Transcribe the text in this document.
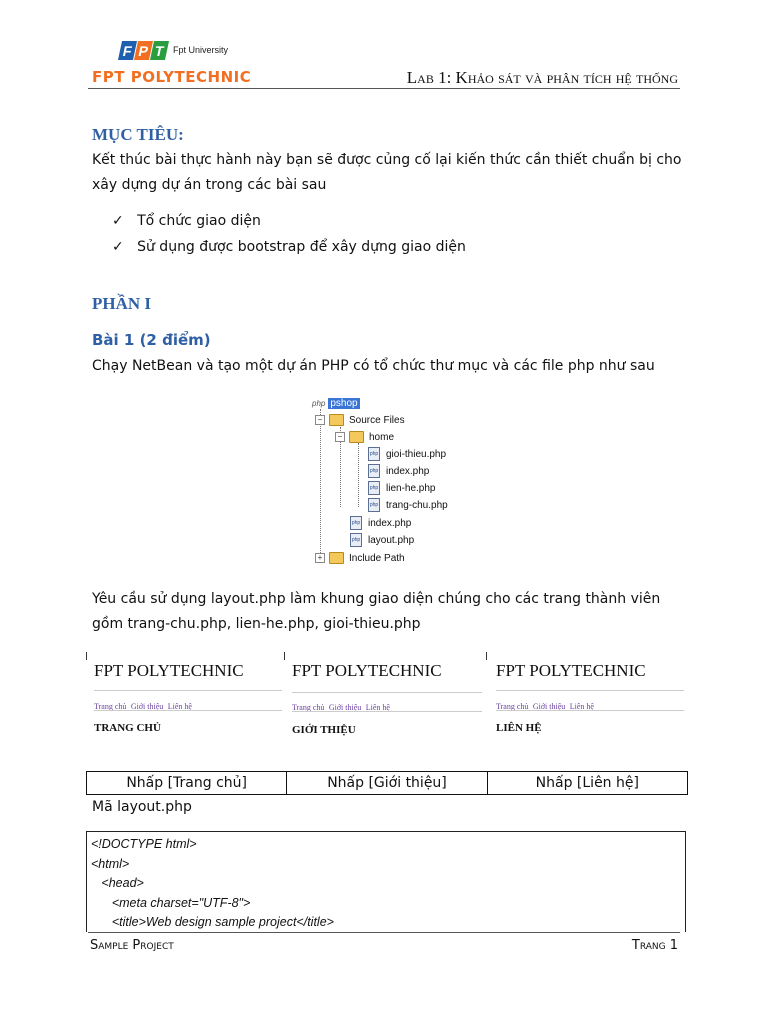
F P T Fpt University
FPT POLYTECHNIC	Lab 1: Khảo sát và phân tích hệ thống
MỤC TIÊU:
Kết thúc bài thực hành này bạn sẽ được củng cố lại kiến thức cần thiết chuẩn bị cho xây dựng dự án trong các bài sau
✓ Tổ chức giao diện
✓ Sử dụng được bootstrap để xây dựng giao diện
PHẦN I
Bài 1 (2 điểm)
Chạy NetBean và tạo một dự án PHP có tổ chức thư mục và các file php như sau
php pshop
−	Source Files
−	home
php gioi-thieu.php
php index.php
php lien-he.php
php trang-chu.php
php index.php
php layout.php
+	Include Path
Yêu cầu sử dụng layout.php làm khung giao diện chúng cho các trang thành viên gồm trang-chu.php, lien-he.php, gioi-thieu.php
FPT POLYTECHNIC
Trang chủ Giới thiệu Liên hệ
TRANG CHỦ
FPT POLYTECHNIC
Trang chủ Giới thiệu Liên hệ
GIỚI THIỆU
FPT POLYTECHNIC
Trang chủ Giới thiệu Liên hệ
LIÊN HỆ
Nhấp [Trang chủ]	Nhấp [Giới thiệu]	Nhấp [Liên hệ]
Mã layout.php
<!DOCTYPE html>
<html>
<head>
<meta charset="UTF-8">
<title>Web design sample project</title>
Sample Project	Trang 1
